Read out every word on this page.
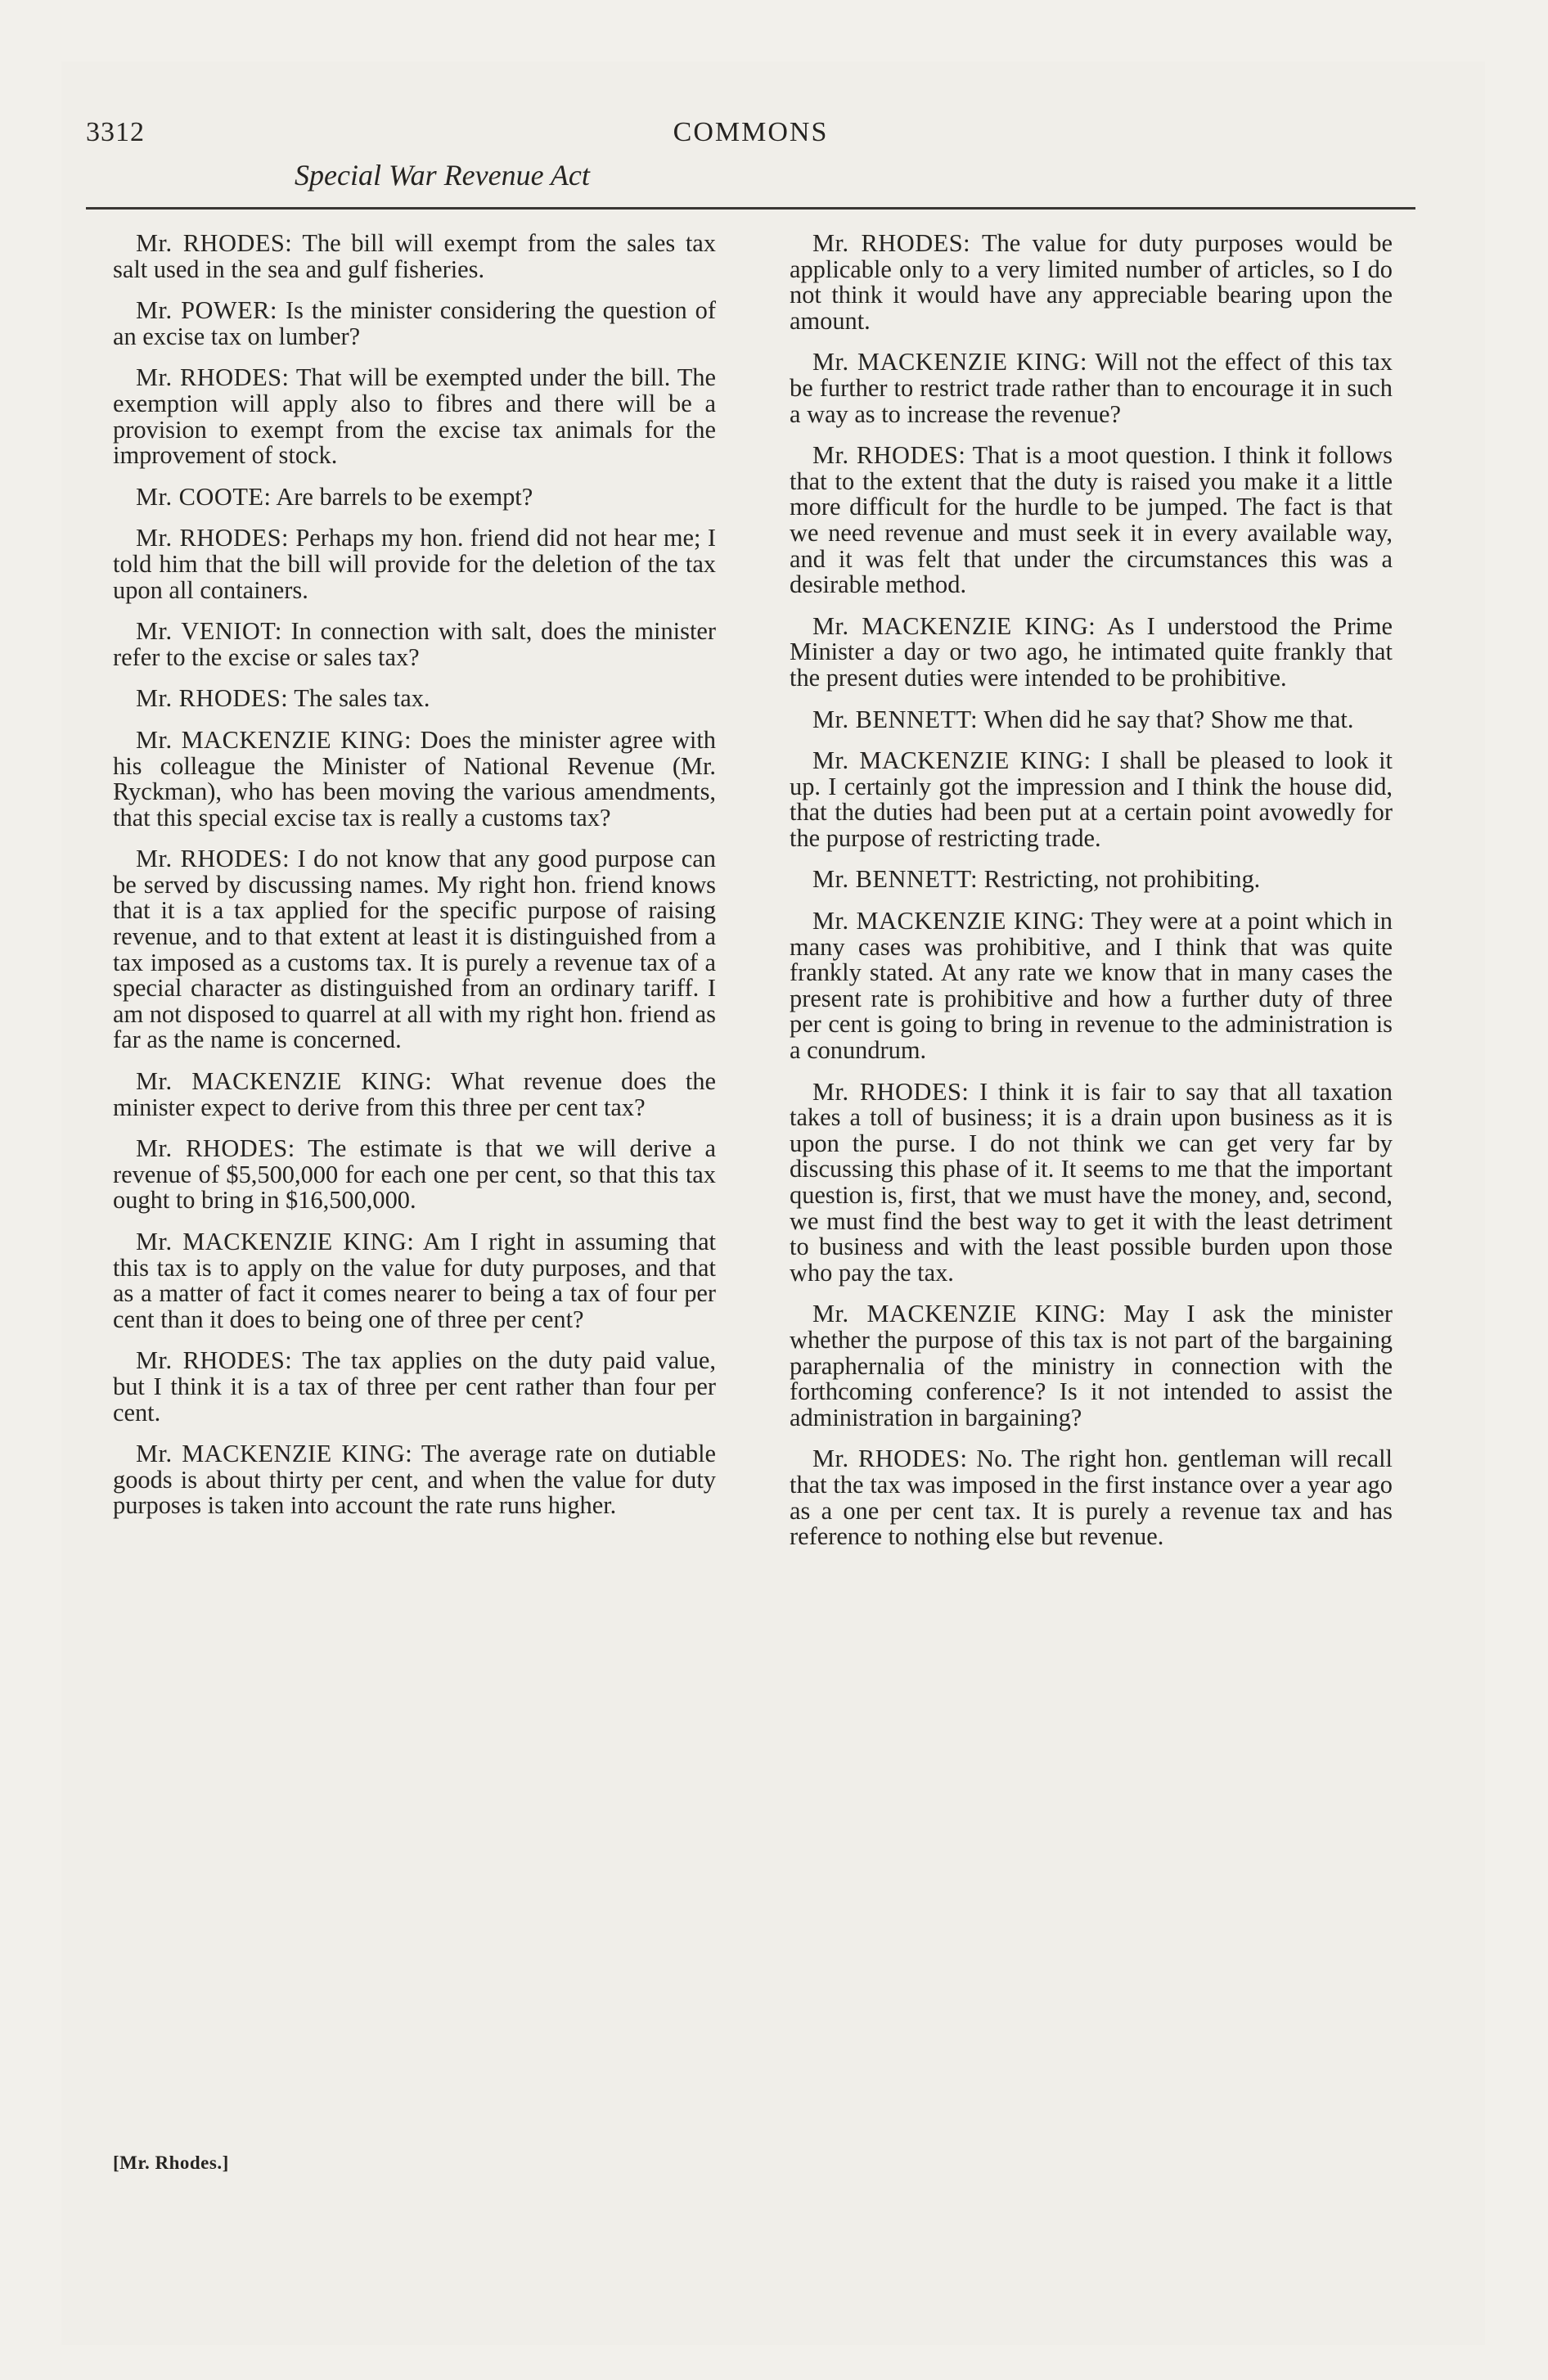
3312	COMMONS
Special War Revenue Act

Mr. RHODES: The bill will exempt from the sales tax salt used in the sea and gulf fisheries.

Mr. POWER: Is the minister considering the question of an excise tax on lumber?

Mr. RHODES: That will be exempted under the bill. The exemption will apply also to fibres and there will be a provision to exempt from the excise tax animals for the improvement of stock.

Mr. COOTE: Are barrels to be exempt?

Mr. RHODES: Perhaps my hon. friend did not hear me; I told him that the bill will provide for the deletion of the tax upon all containers.

Mr. VENIOT: In connection with salt, does the minister refer to the excise or sales tax?

Mr. RHODES: The sales tax.

Mr. MACKENZIE KING: Does the minister agree with his colleague the Minister of National Revenue (Mr. Ryckman), who has been moving the various amendments, that this special excise tax is really a customs tax?

Mr. RHODES: I do not know that any good purpose can be served by discussing names. My right hon. friend knows that it is a tax applied for the specific purpose of raising revenue, and to that extent at least it is distinguished from a tax imposed as a customs tax. It is purely a revenue tax of a special character as distinguished from an ordinary tariff. I am not disposed to quarrel at all with my right hon. friend as far as the name is concerned.

Mr. MACKENZIE KING: What revenue does the minister expect to derive from this three per cent tax?

Mr. RHODES: The estimate is that we will derive a revenue of $5,500,000 for each one per cent, so that this tax ought to bring in $16,500,000.

Mr. MACKENZIE KING: Am I right in assuming that this tax is to apply on the value for duty purposes, and that as a matter of fact it comes nearer to being a tax of four per cent than it does to being one of three per cent?

Mr. RHODES: The tax applies on the duty paid value, but I think it is a tax of three per cent rather than four per cent.

Mr. MACKENZIE KING: The average rate on dutiable goods is about thirty per cent, and when the value for duty purposes is taken into account the rate runs higher.

Mr. RHODES: The value for duty purposes would be applicable only to a very limited number of articles, so I do not think it would have any appreciable bearing upon the amount.

Mr. MACKENZIE KING: Will not the effect of this tax be further to restrict trade rather than to encourage it in such a way as to increase the revenue?

Mr. RHODES: That is a moot question. I think it follows that to the extent that the duty is raised you make it a little more difficult for the hurdle to be jumped. The fact is that we need revenue and must seek it in every available way, and it was felt that under the circumstances this was a desirable method.

Mr. MACKENZIE KING: As I understood the Prime Minister a day or two ago, he intimated quite frankly that the present duties were intended to be prohibitive.

Mr. BENNETT: When did he say that? Show me that.

Mr. MACKENZIE KING: I shall be pleased to look it up. I certainly got the impression and I think the house did, that the duties had been put at a certain point avowedly for the purpose of restricting trade.

Mr. BENNETT: Restricting, not prohibiting.

Mr. MACKENZIE KING: They were at a point which in many cases was prohibitive, and I think that was quite frankly stated. At any rate we know that in many cases the present rate is prohibitive and how a further duty of three per cent is going to bring in revenue to the administration is a conundrum.

Mr. RHODES: I think it is fair to say that all taxation takes a toll of business; it is a drain upon business as it is upon the purse. I do not think we can get very far by discussing this phase of it. It seems to me that the important question is, first, that we must have the money, and, second, we must find the best way to get it with the least detriment to business and with the least possible burden upon those who pay the tax.

Mr. MACKENZIE KING: May I ask the minister whether the purpose of this tax is not part of the bargaining paraphernalia of the ministry in connection with the forthcoming conference? Is it not intended to assist the administration in bargaining?

Mr. RHODES: No. The right hon. gentleman will recall that the tax was imposed in the first instance over a year ago as a one per cent tax. It is purely a revenue tax and has reference to nothing else but revenue.

[Mr. Rhodes.]
